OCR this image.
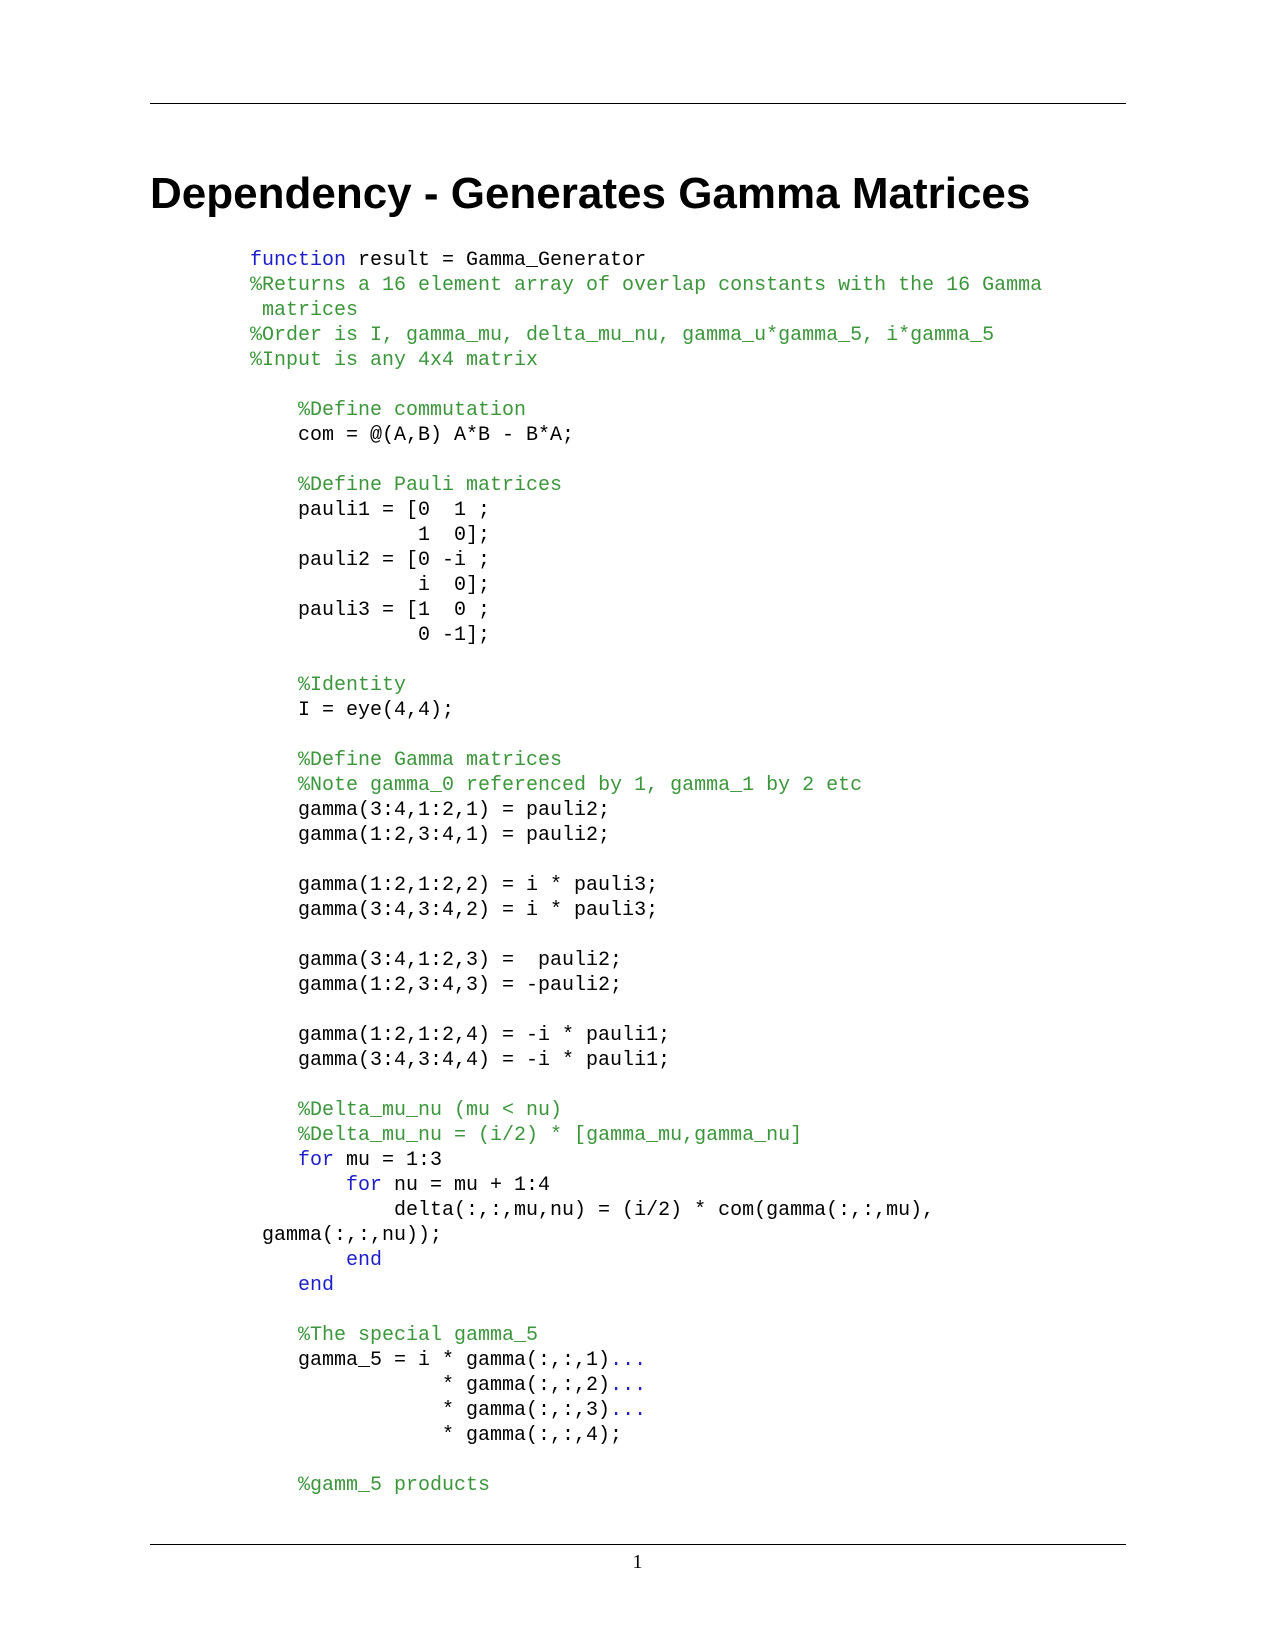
Dependency - Generates Gamma Matrices
function result = Gamma_Generator
%Returns a 16 element array of overlap constants with the 16 Gamma
matrices
%Order is I, gamma_mu, delta_mu_nu, gamma_u*gamma_5, i*gamma_5
%Input is any 4x4 matrix
%Define commutation
com = @(A,B) A*B - B*A;
%Define Pauli matrices
pauli1 = [0  1 ;
1  0];
pauli2 = [0 -i ;
i  0];
pauli3 = [1  0 ;
0 -1];
%Identity
I = eye(4,4);
%Define Gamma matrices
%Note gamma_0 referenced by 1, gamma_1 by 2 etc
gamma(3:4,1:2,1) = pauli2;
gamma(1:2,3:4,1) = pauli2;
gamma(1:2,1:2,2) = i * pauli3;
gamma(3:4,3:4,2) = i * pauli3;
gamma(3:4,1:2,3) =  pauli2;
gamma(1:2,3:4,3) = -pauli2;
gamma(1:2,1:2,4) = -i * pauli1;
gamma(3:4,3:4,4) = -i * pauli1;
%Delta_mu_nu (mu < nu)
%Delta_mu_nu = (i/2) * [gamma_mu,gamma_nu]
for mu = 1:3
for nu = mu + 1:4
delta(:,:,mu,nu) = (i/2) * com(gamma(:,:,mu),
gamma(:,:,nu));
end
end
%The special gamma_5
gamma_5 = i * gamma(:,:,1)...
* gamma(:,:,2)...
* gamma(:,:,3)...
* gamma(:,:,4);
%gamm_5 products
1
